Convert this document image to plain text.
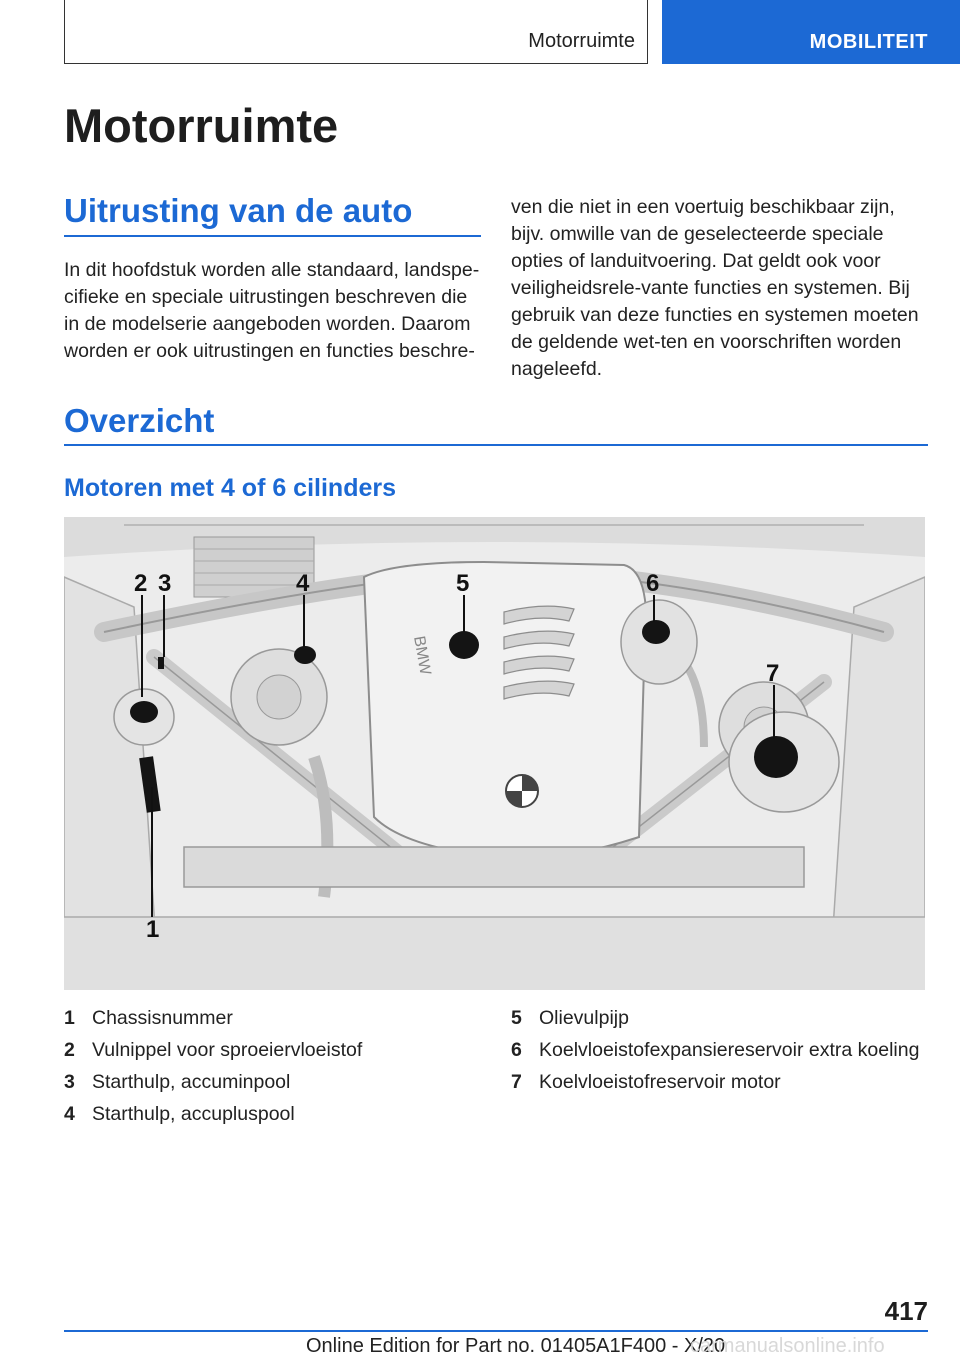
Motorruimte	MOBILITEIT
Motorruimte
Uitrusting van de auto

In dit hoofdstuk worden alle standaard, landspe-cifieke en speciale uitrustingen beschreven die in de modelserie aangeboden worden. Daarom worden er ook uitrustingen en functies beschre-

ven die niet in een voertuig beschikbaar zijn, bijv. omwille van de geselecteerde speciale opties of landuitvoering. Dat geldt ook voor veiligheidsrele-vante functies en systemen. Bij gebruik van deze functies en systemen moeten de geldende wet-ten en voorschriften worden nageleefd.

Overzicht
Motoren met 4 of 6 cilinders
BMW
1
2 3	4	5	6
7
1 Chassisnummer
2 Vulnippel voor sproeiervloeistof
3 Starthulp, accuminpool
4 Starthulp, accupluspool
5 Olievulpijp
6 Koelvloeistofexpansiereservoir extra koeling
7 Koelvloeistofreservoir motor
417
Online Edition for Part no. 01405A1F400 - X/20
carmanualsonline.info
